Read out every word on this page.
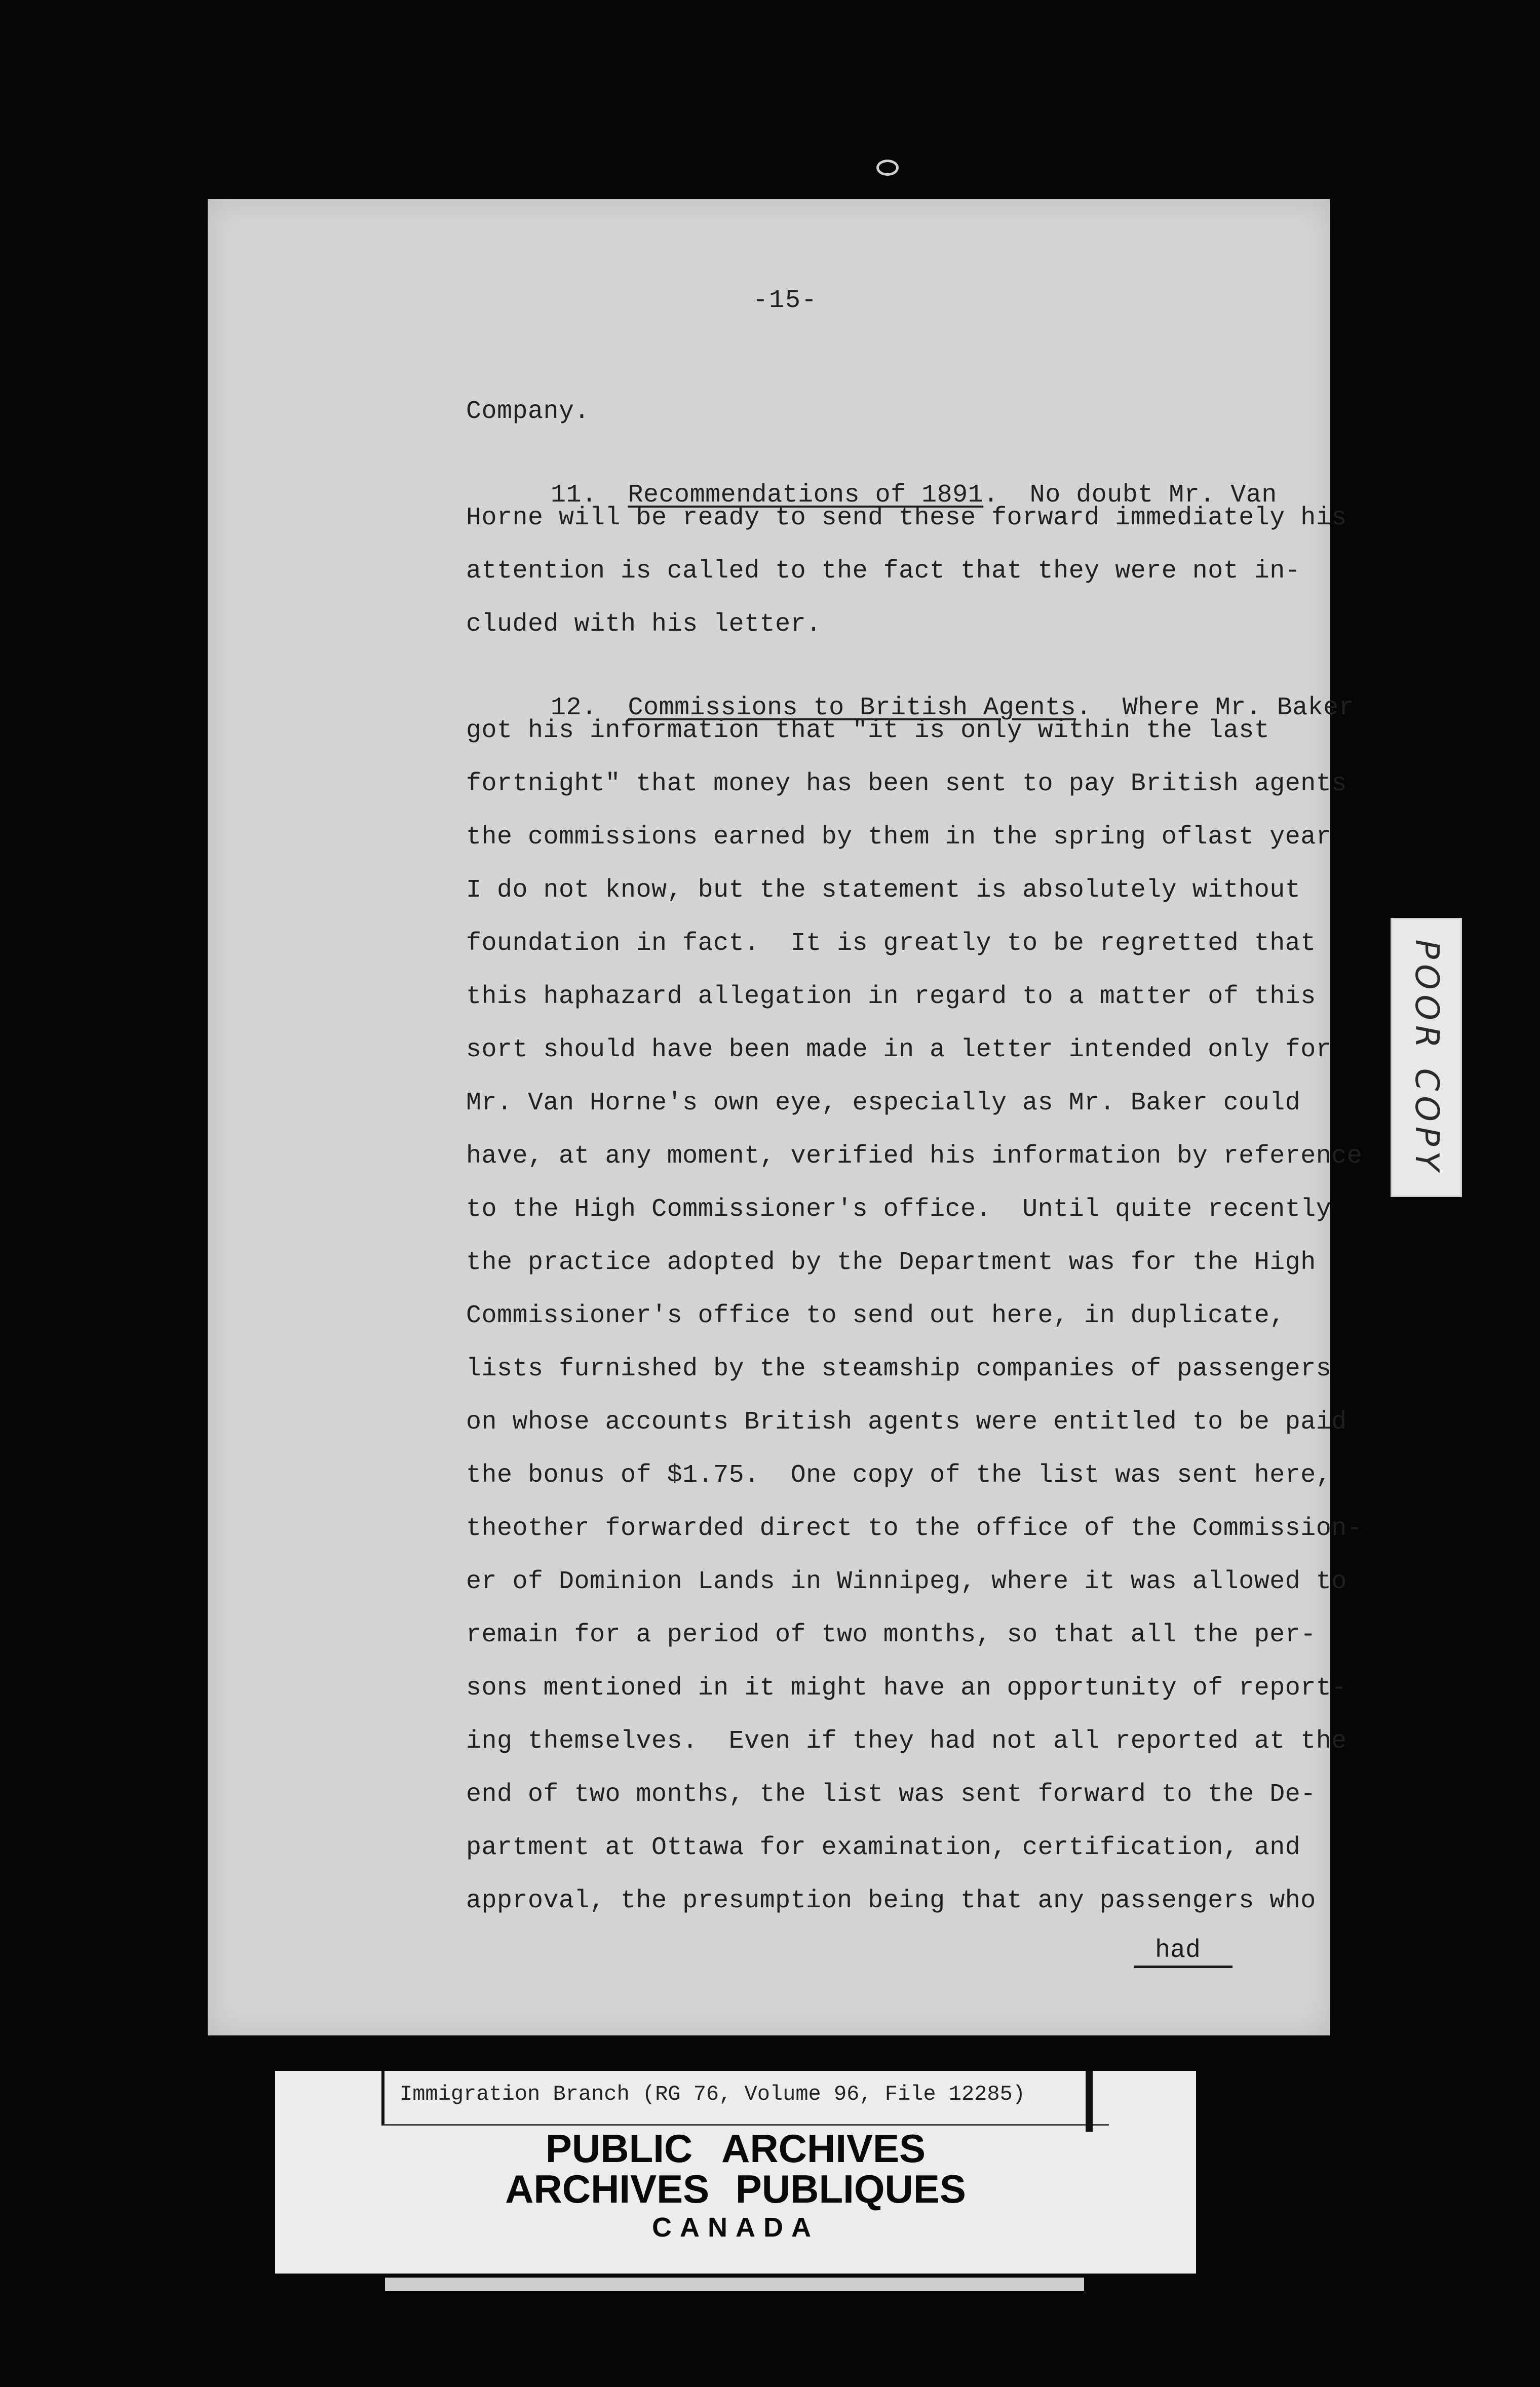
-15-
Company.

11. Recommendations of 1891.  No doubt Mr. Van

Horne will be ready to send these forward immediately his
attention is called to the fact that they were not in-
cluded with his letter.

12. Commissions to British Agents.  Where Mr. Baker

got his information that "it is only within the last
fortnight" that money has been sent to pay British agents
the commissions earned by them in the spring oflast year
I do not know, but the statement is absolutely without
foundation in fact.  It is greatly to be regretted that
this haphazard allegation in regard to a matter of this
sort should have been made in a letter intended only for
Mr. Van Horne's own eye, especially as Mr. Baker could
have, at any moment, verified his information by reference
to the High Commissioner's office.  Until quite recently
the practice adopted by the Department was for the High
Commissioner's office to send out here, in duplicate,
lists furnished by the steamship companies of passengers
on whose accounts British agents were entitled to be paid
the bonus of $1.75.  One copy of the list was sent here,
theother forwarded direct to the office of the Commission-
er of Dominion Lands in Winnipeg, where it was allowed to
remain for a period of two months, so that all the per-
sons mentioned in it might have an opportunity of report-
ing themselves.  Even if they had not all reported at the
end of two months, the list was sent forward to the De-
partment at Ottawa for examination, certification, and
approval, the presumption being that any passengers who
had
POOR COPY
Immigration Branch (RG 76, Volume 96, File 12285)
PUBLIC ARCHIVES
ARCHIVES PUBLIQUES
CANADA
